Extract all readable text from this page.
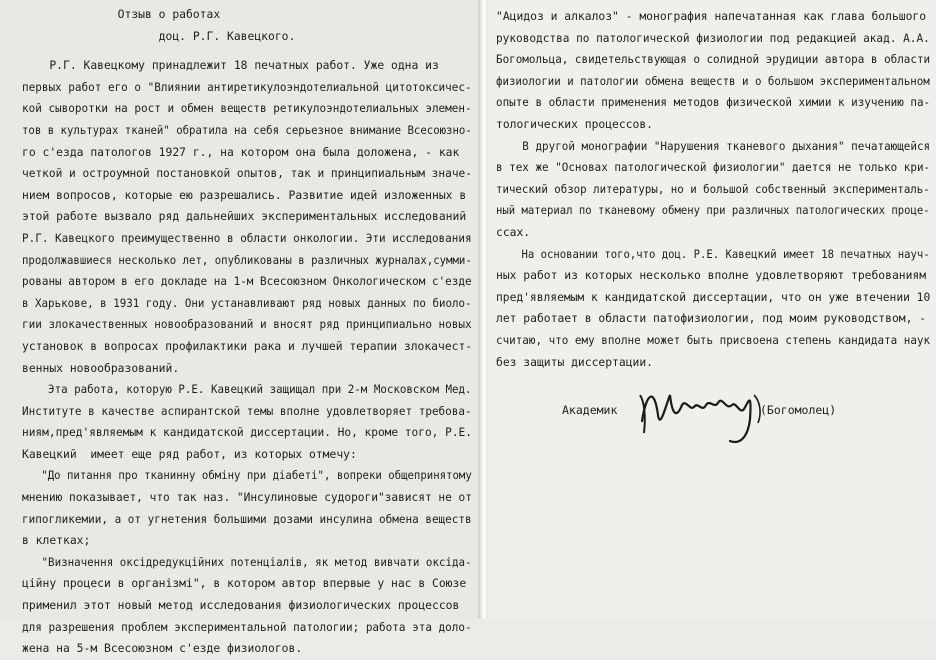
Отзыв о работах
доц. Р.Г. Кавецкого.
Р.Г. Кавецкому принадлежит 18 печатных работ. Уже одна из
первых работ его о "Влиянии антиретикулоэндотелиальной цитотоксичес-
кой сыворотки на рост и обмен веществ ретикулоэндотелиальных элемен-
тов в культурах тканей" обратила на себя серьезное внимание Всесоюзно-
го с'езда патологов 1927 г., на котором она была доложена, - как
четкой и остроумной постановкой опытов, так и принципиальным значе-
нием вопросов, которые ею разрешались. Развитие идей изложенных в
этой работе вызвало ряд дальнейших экспериментальных исследований
Р.Г. Кавецкого преимущественно в области онкологии. Эти исследования
продолжавшиеся несколько лет, опубликованы в различных журналах,сумми-
рованы автором в его докладе на 1-м Всесоюзном Онкологическом с'езде
в Харькове, в 1931 году. Они устанавливают ряд новых данных по биоло-
гии злокачественных новообразований и вносят ряд принципиально новых
установок в вопросах профилактики рака и лучшей терапии злокачест-
венных новообразований.
Эта работа, которую Р.Е. Кавецкий защищал при 2-м Московском Мед.
Институте в качестве аспирантской темы вполне удовлетворяет требова-
ниям,пред'являемым к кандидатской диссертации. Но, кроме того, Р.Е.
Кавецкий  имеет еще ряд работ, из которых отмечу:
"До питання про тканинну обміну при діабеті", вопреки общепринятому
мнению показывает, что так наз. "Инсулиновые судороги"зависят не от
гипогликемии, а от угнетения большими дозами инсулина обмена веществ
в клетках;
"Визначення оксідредукційних потенціалів, як метод вивчати оксіда-
ційну процеси в організмі", в котором автор впервые у нас в Союзе
применил этот новый метод исследования физиологических процессов
для разрешения проблем экспериментальной патологии; работа эта доло-
жена на 5-м Всесоюзном с'езде физиологов.
"Ацидоз и алкалоз" - монография напечатанная как глава большого
руководства по патологической физиологии под редакцией акад. А.А.
Богомольца, свидетельствующая о солидной эрудиции автора в области
физиологии и патологии обмена веществ и о большом экспериментальном
опыте в области применения методов физической химии к изучению па-
тологических процессов.
В другой монографии "Нарушения тканевого дыхания" печатающейся
в тех же "Основах патологической физиологии" дается не только кри-
тический обзор литературы, но и большой собственный эксперименталь-
ный материал по тканевому обмену при различных патологических проце-
ссах.
На основании того,что доц. Р.Е. Кавецкий имеет 18 печатных науч-
ных работ из которых несколько вполне удовлетворяют требованиям
пред'являемым к кандидатской диссертации, что он уже втечении 10
лет работает в области патофизиологии, под моим руководством, -
считаю, что ему вполне может быть присвоена степень кандидата наук
без защиты диссертации.
Академик	(Богомолец)
